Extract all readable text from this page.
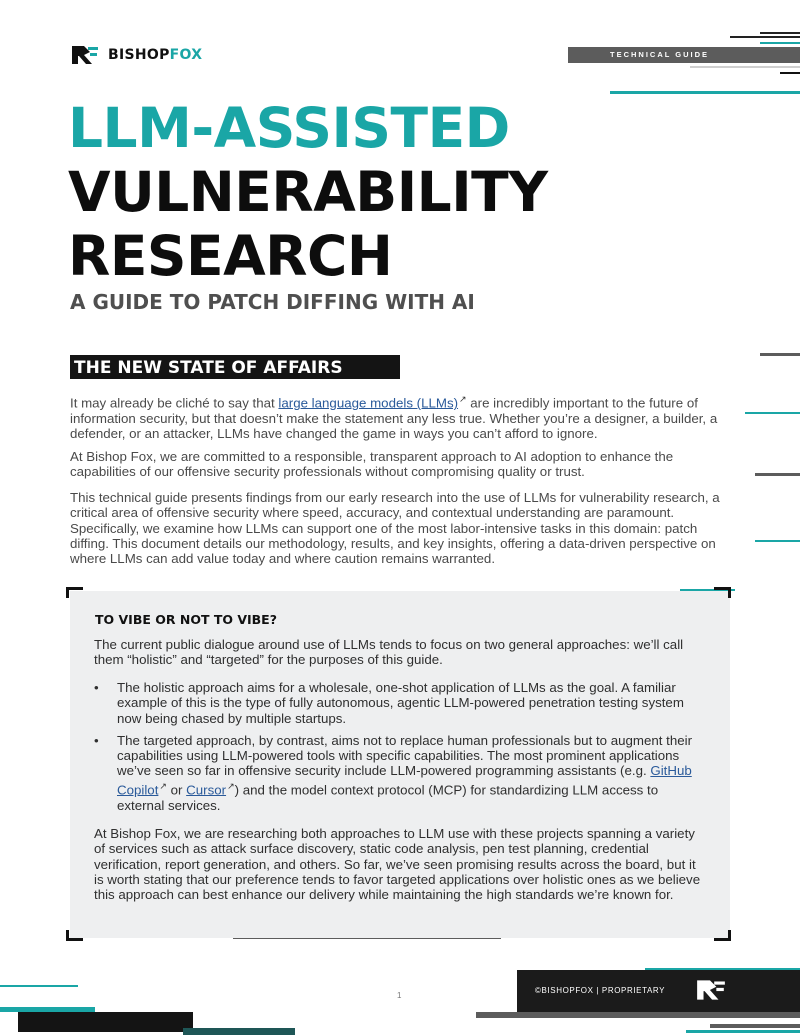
BISHOPFOX	TECHNICAL GUIDE
LLM-ASSISTED
VULNERABILITY
RESEARCH
A GUIDE TO PATCH DIFFING WITH AI
THE NEW STATE OF AFFAIRS

It may already be cliché to say that large language models (LLMs)↗ are incredibly important to the future of information security, but that doesn’t make the statement any less true. Whether you’re a designer, a builder, a defender, or an attacker, LLMs have changed the game in ways you can’t afford to ignore.

At Bishop Fox, we are committed to a responsible, transparent approach to AI adoption to enhance the capabilities of our offensive security professionals without compromising quality or trust.

This technical guide presents findings from our early research into the use of LLMs for vulnerability research, a critical area of offensive security where speed, accuracy, and contextual understanding are paramount. Specifically, we examine how LLMs can support one of the most labor-intensive tasks in this domain: patch diffing. This document details our methodology, results, and key insights, offering a data-driven perspective on where LLMs can add value today and where caution remains warranted.

TO VIBE OR NOT TO VIBE?

The current public dialogue around use of LLMs tends to focus on two general approaches: we’ll call them “holistic” and “targeted” for the purposes of this guide.

• The holistic approach aims for a wholesale, one-shot application of LLMs as the goal. A familiar example of this is the type of fully autonomous, agentic LLM-powered penetration testing system now being chased by multiple startups.
• The targeted approach, by contrast, aims not to replace human professionals but to augment their capabilities using LLM-powered tools with specific capabilities. The most prominent applications we’ve seen so far in offensive security include LLM-powered programming assistants (e.g. GitHub Copilot↗ or Cursor↗) and the model context protocol (MCP) for standardizing LLM access to external services.

At Bishop Fox, we are researching both approaches to LLM use with these projects spanning a variety of services such as attack surface discovery, static code analysis, pen test planning, credential verification, report generation, and others. So far, we’ve seen promising results across the board, but it is worth stating that our preference tends to favor targeted applications over holistic ones as we believe this approach can best enhance our delivery while maintaining the high standards we’re known for.

1
©BISHOPFOX | PROPRIETARY
